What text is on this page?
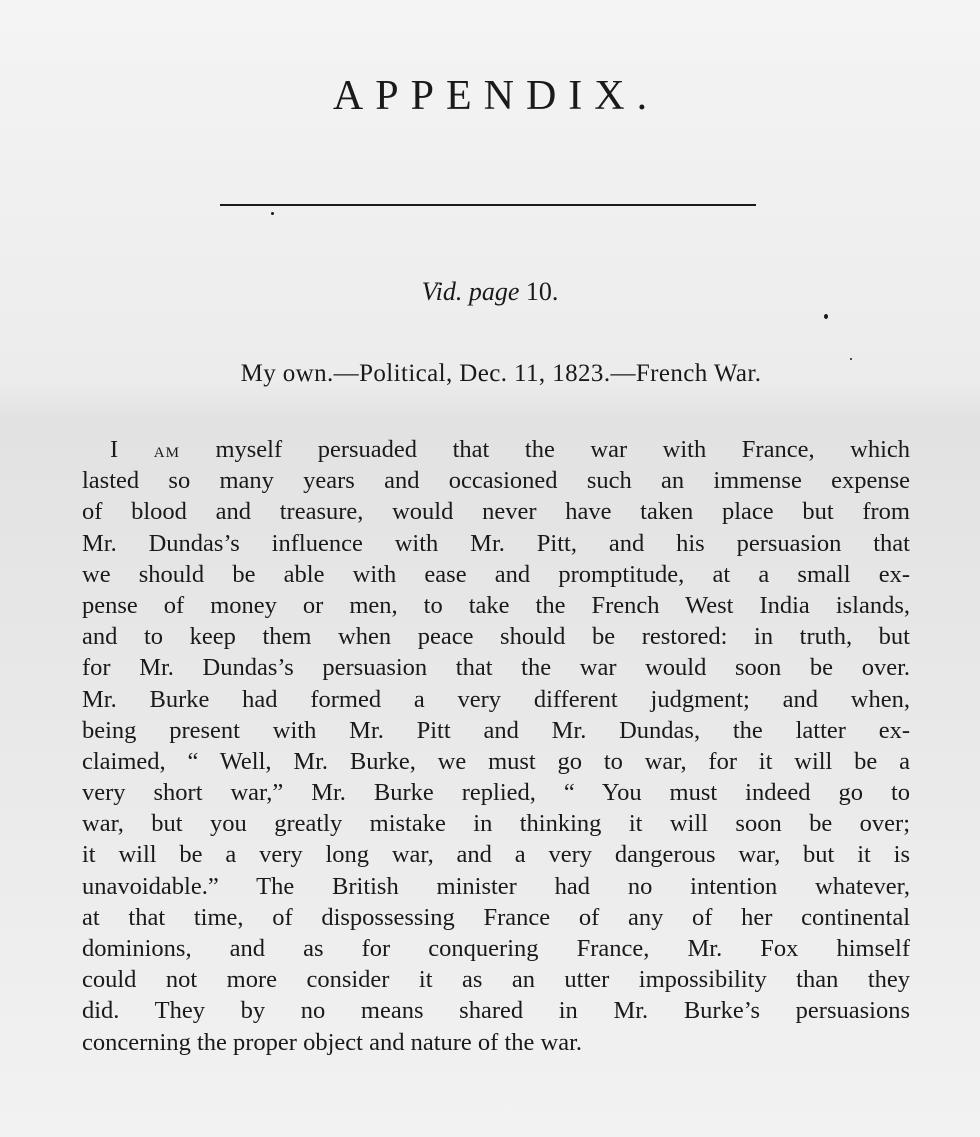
APPENDIX.
Vid. page 10.
My own.—Political, Dec. 11, 1823.—French War.
I am myself persuaded that the war with France, which
lasted so many years and occasioned such an immense expense
of blood and treasure, would never have taken place but from
Mr. Dundas’s influence with Mr. Pitt, and his persuasion that
we should be able with ease and promptitude, at a small ex-
pense of money or men, to take the French West India islands,
and to keep them when peace should be restored: in truth, but
for Mr. Dundas’s persuasion that the war would soon be over.
Mr. Burke had formed a very different judgment; and when,
being present with Mr. Pitt and Mr. Dundas, the latter ex-
claimed, “ Well, Mr. Burke, we must go to war, for it will be a
very short war,” Mr. Burke replied, “ You must indeed go to
war, but you greatly mistake in thinking it will soon be over;
it will be a very long war, and a very dangerous war, but it is
unavoidable.” The British minister had no intention whatever,
at that time, of dispossessing France of any of her continental
dominions, and as for conquering France, Mr. Fox himself
could not more consider it as an utter impossibility than they
did. They by no means shared in Mr. Burke’s persuasions
concerning the proper object and nature of the war.
